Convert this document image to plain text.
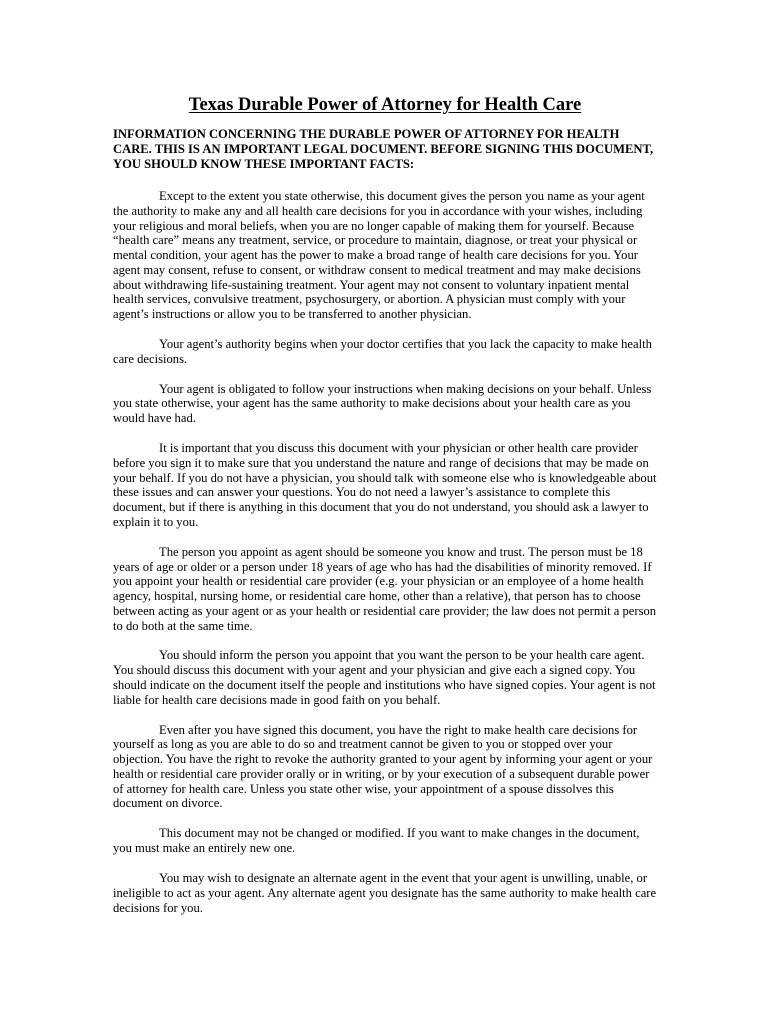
Texas Durable Power of Attorney for Health Care

INFORMATION CONCERNING THE DURABLE POWER OF ATTORNEY FOR HEALTH CARE. THIS IS AN IMPORTANT LEGAL DOCUMENT. BEFORE SIGNING THIS DOCUMENT, YOU SHOULD KNOW THESE IMPORTANT FACTS:

Except to the extent you state otherwise, this document gives the person you name as your agent the authority to make any and all health care decisions for you in accordance with your wishes, including your religious and moral beliefs, when you are no longer capable of making them for yourself. Because “health care” means any treatment, service, or procedure to maintain, diagnose, or treat your physical or mental condition, your agent has the power to make a broad range of health care decisions for you. Your agent may consent, refuse to consent, or withdraw consent to medical treatment and may make decisions about withdrawing life-sustaining treatment. Your agent may not consent to voluntary inpatient mental health services, convulsive treatment, psychosurgery, or abortion. A physician must comply with your agent’s instructions or allow you to be transferred to another physician.

Your agent’s authority begins when your doctor certifies that you lack the capacity to make health care decisions.

Your agent is obligated to follow your instructions when making decisions on your behalf. Unless you state otherwise, your agent has the same authority to make decisions about your health care as you would have had.

It is important that you discuss this document with your physician or other health care provider before you sign it to make sure that you understand the nature and range of decisions that may be made on your behalf. If you do not have a physician, you should talk with someone else who is knowledgeable about these issues and can answer your questions. You do not need a lawyer’s assistance to complete this document, but if there is anything in this document that you do not understand, you should ask a lawyer to explain it to you.

The person you appoint as agent should be someone you know and trust. The person must be 18 years of age or older or a person under 18 years of age who has had the disabilities of minority removed. If you appoint your health or residential care provider (e.g. your physician or an employee of a home health agency, hospital, nursing home, or residential care home, other than a relative), that person has to choose between acting as your agent or as your health or residential care provider; the law does not permit a person to do both at the same time.

You should inform the person you appoint that you want the person to be your health care agent. You should discuss this document with your agent and your physician and give each a signed copy. You should indicate on the document itself the people and institutions who have signed copies. Your agent is not liable for health care decisions made in good faith on you behalf.

Even after you have signed this document, you have the right to make health care decisions for yourself as long as you are able to do so and treatment cannot be given to you or stopped over your objection. You have the right to revoke the authority granted to your agent by informing your agent or your health or residential care provider orally or in writing, or by your execution of a subsequent durable power of attorney for health care. Unless you state other wise, your appointment of a spouse dissolves this document on divorce.

This document may not be changed or modified. If you want to make changes in the document, you must make an entirely new one.

You may wish to designate an alternate agent in the event that your agent is unwilling, unable, or ineligible to act as your agent. Any alternate agent you designate has the same authority to make health care decisions for you.
